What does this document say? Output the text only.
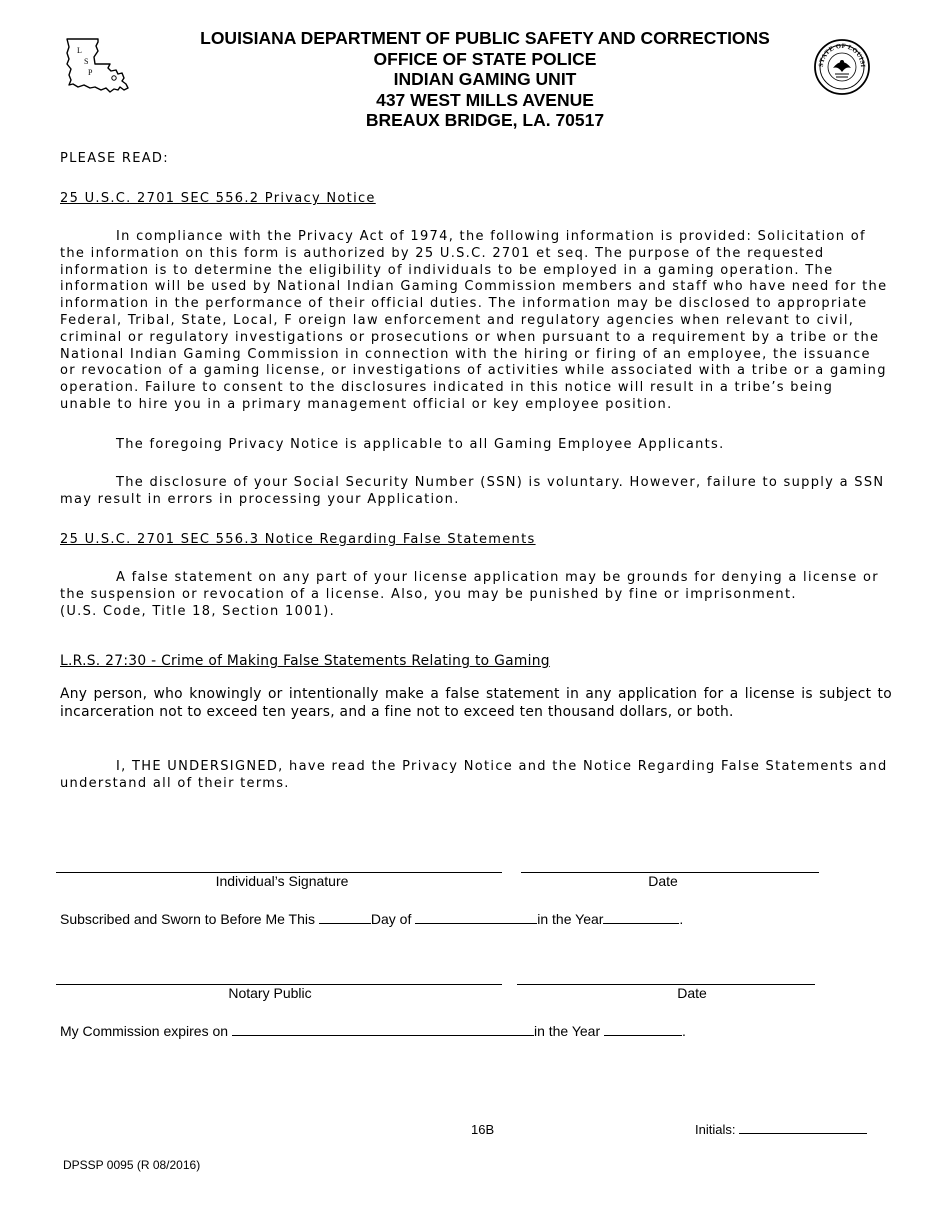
L
S
P
LOUISIANA DEPARTMENT OF PUBLIC SAFETY AND CORRECTIONS
OFFICE OF STATE POLICE
INDIAN GAMING UNIT
437 WEST MILLS AVENUE
BREAUX BRIDGE, LA. 70517
STATE OF LOUISI
PLEASE READ:
25 U.S.C. 2701 SEC 556.2 Privacy Notice

In compliance with the Privacy Act of 1974, the following information is provided: Solicitation of the information on this form is authorized by 25 U.S.C. 2701 et seq. The purpose of the requested information is to determine the eligibility of individuals to be employed in a gaming operation. The information will be used by National Indian Gaming Commission members and staff who have need for the information in the performance of their official duties. The information may be disclosed to appropriate Federal, Tribal, State, Local, F oreign law enforcement and regulatory agencies when relevant to civil, criminal or regulatory investigations or prosecutions or when pursuant to a requirement by a tribe or the National Indian Gaming Commission in connection with the hiring or firing of an employee, the issuance or revocation of a gaming license, or investigations of activities while associated with a tribe or a gaming operation. Failure to consent to the disclosures indicated in this notice will result in a tribe’s being unable to hire you in a primary management official or key employee position.

The foregoing Privacy Notice is applicable to all Gaming Employee Applicants.

The disclosure of your Social Security Number (SSN) is voluntary. However, failure to supply a SSN may result in errors in processing your Application.

25 U.S.C. 2701 SEC 556.3 Notice Regarding False Statements

A false statement on any part of your license application may be grounds for denying a license or the suspension or revocation of a license. Also, you may be punished by fine or imprisonment.

(U.S. Code, Title 18, Section 1001).

L.R.S. 27:30 - Crime of Making False Statements Relating to Gaming
Any person, who knowingly or intentionally make a false statement in any application for a license is subject to incarceration not to exceed ten years, and a fine not to exceed ten thousand dollars, or both.

I, THE UNDERSIGNED, have read the Privacy Notice and the Notice Regarding False Statements and understand all of their terms.

Individual’s Signature	Date
Subscribed and Sworn to Before Me This	Day of	in the Year	.
Notary Public	Date
My Commission expires on	in the Year	.
16B	Initials:
DPSSP 0095 (R 08/2016)
